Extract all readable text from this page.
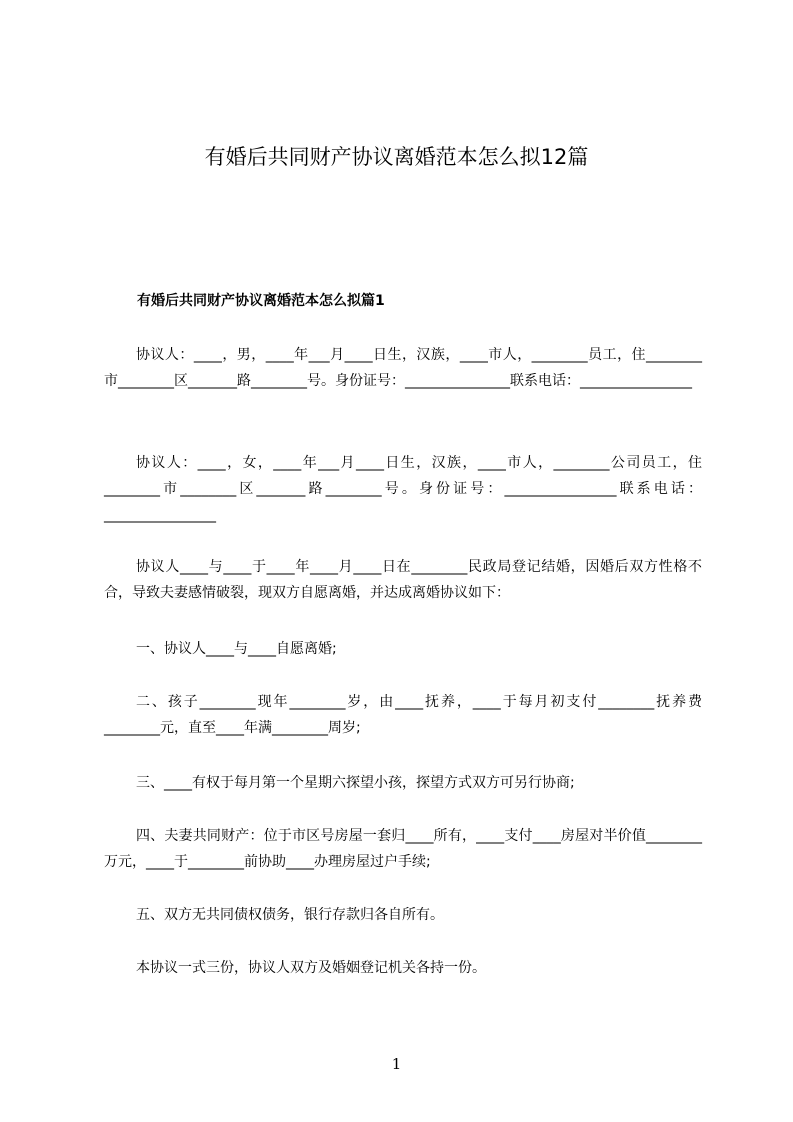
有婚后共同财产协议离婚范本怎么拟12篇
有婚后共同财产协议离婚范本怎么拟篇1

协议人：____，男，____年___月____日生，汉族，____市人，________员工，住________市________区_______路________号。身份证号：_______________联系电话：________________

协议人：____，女，____年___月____日生，汉族，____市人，________公司员工，住________市________区_______路________号。身份证号：________________联系电话：________________

协议人____与____于____年____月____日在________民政局登记结婚，因婚后双方性格不合，导致夫妻感情破裂，现双方自愿离婚，并达成离婚协议如下：

一、协议人____与____自愿离婚;

二、孩子________现年________岁，由____抚养，____于每月初支付________抚养费________元，直至____年满________周岁;

三、____有权于每月第一个星期六探望小孩，探望方式双方可另行协商;

四、夫妻共同财产：位于市区号房屋一套归____所有，____支付____房屋对半价值________万元，____于________前协助____办理房屋过户手续;

五、双方无共同债权债务，银行存款归各自所有。

本协议一式三份，协议人双方及婚姻登记机关各持一份。

1
